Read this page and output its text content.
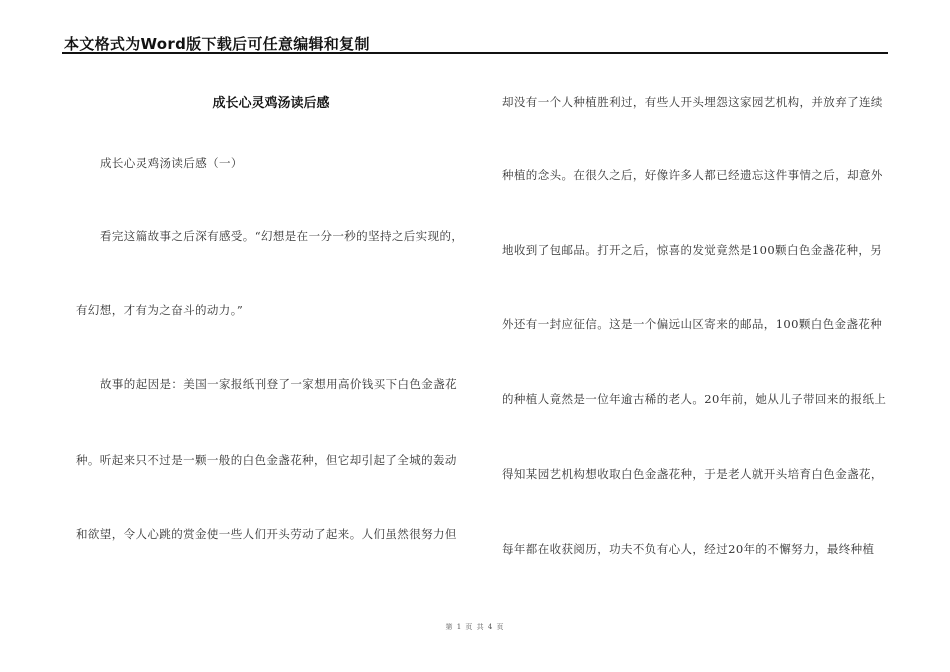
本文格式为Word版下载后可任意编辑和复制
成长心灵鸡汤读后感
成长心灵鸡汤读后感（一）
看完这篇故事之后深有感受。“幻想是在一分一秒的坚持之后实现的，
有幻想，才有为之奋斗的动力。”
故事的起因是：美国一家报纸刊登了一家想用高价钱买下白色金盏花
种。听起来只不过是一颗一般的白色金盏花种，但它却引起了全城的轰动
和欲望，令人心跳的赏金使一些人们开头劳动了起来。人们虽然很努力但
却没有一个人种植胜利过，有些人开头埋怨这家园艺机构，并放弃了连续
种植的念头。在很久之后，好像许多人都已经遗忘这件事情之后，却意外
地收到了包邮品。打开之后，惊喜的发觉竟然是100颗白色金盏花种，另
外还有一封应征信。这是一个偏远山区寄来的邮品，100颗白色金盏花种
的种植人竟然是一位年逾古稀的老人。20年前，她从儿子带回来的报纸上
得知某园艺机构想收取白色金盏花种，于是老人就开头培育白色金盏花，
每年都在收获阅历，功夫不负有心人，经过20年的不懈努力，最终种植
第 1 页 共 4 页
